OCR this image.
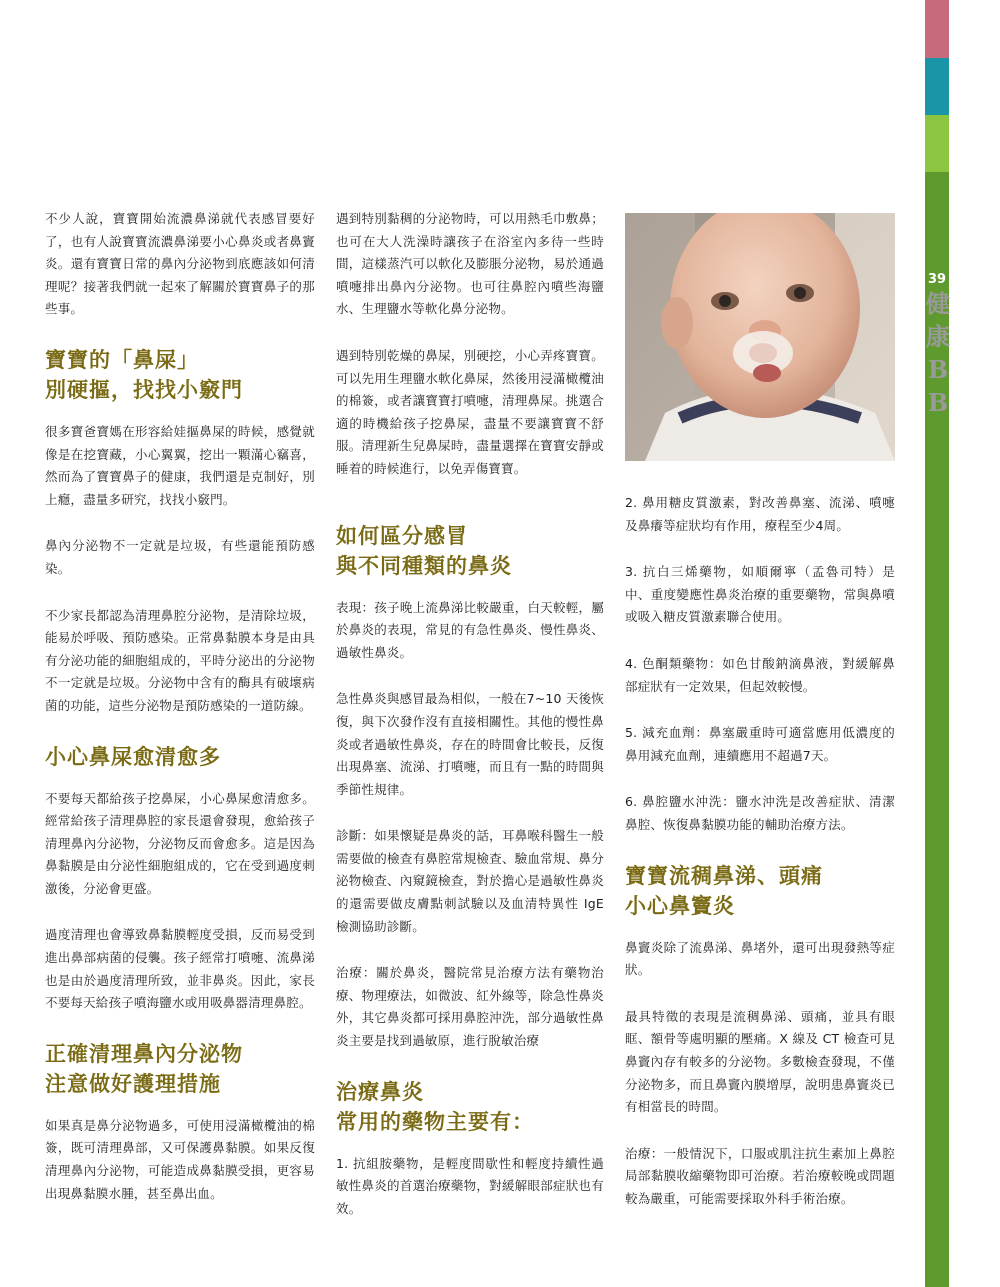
39
健
康
B
B

不少人說，寶寶開始流濃鼻涕就代表感冒要好了，也有人說寶寶流濃鼻涕要小心鼻炎或者鼻竇炎。還有寶寶日常的鼻內分泌物到底應該如何清理呢？接著我們就一起來了解關於寶寶鼻子的那些事。

寶寶的「鼻屎」
別硬摳，找找小竅門

很多寶爸寶媽在形容給娃摳鼻屎的時候，感覺就像是在挖寶藏，小心翼翼，挖出一顆滿心竊喜，然而為了寶寶鼻子的健康，我們還是克制好，別上癮，盡量多研究，找找小竅門。

鼻內分泌物不一定就是垃圾，有些還能預防感染。

不少家長都認為清理鼻腔分泌物，是清除垃圾，能易於呼吸、預防感染。正常鼻黏膜本身是由具有分泌功能的細胞組成的，平時分泌出的分泌物不一定就是垃圾。分泌物中含有的酶具有破壞病菌的功能，這些分泌物是預防感染的一道防線。

小心鼻屎愈清愈多

不要每天都給孩子挖鼻屎，小心鼻屎愈清愈多。經常給孩子清理鼻腔的家長還會發現，愈給孩子清理鼻內分泌物，分泌物反而會愈多。這是因為鼻黏膜是由分泌性細胞組成的，它在受到過度刺激後，分泌會更盛。

過度清理也會導致鼻黏膜輕度受損，反而易受到進出鼻部病菌的侵襲。孩子經常打噴嚏、流鼻涕也是由於過度清理所致，並非鼻炎。因此，家長不要每天給孩子噴海鹽水或用吸鼻器清理鼻腔。

正確清理鼻內分泌物
注意做好護理措施

如果真是鼻分泌物過多，可使用浸滿橄欖油的棉簽，既可清理鼻部，又可保護鼻黏膜。如果反復清理鼻內分泌物，可能造成鼻黏膜受損，更容易出現鼻黏膜水腫，甚至鼻出血。

遇到特別黏稠的分泌物時，可以用熱毛巾敷鼻；也可在大人洗澡時讓孩子在浴室內多待一些時間，這樣蒸汽可以軟化及膨脹分泌物，易於通過噴嚏排出鼻內分泌物。也可往鼻腔內噴些海鹽水、生理鹽水等軟化鼻分泌物。

遇到特別乾燥的鼻屎，別硬挖，小心弄疼寶寶。可以先用生理鹽水軟化鼻屎，然後用浸滿橄欖油的棉簽，或者讓寶寶打噴嚏，清理鼻屎。挑選合適的時機給孩子挖鼻屎，盡量不要讓寶寶不舒服。清理新生兒鼻屎時，盡量選擇在寶寶安靜或睡着的時候進行，以免弄傷寶寶。

如何區分感冒
與不同種類的鼻炎

表現：孩子晚上流鼻涕比較嚴重，白天較輕，屬於鼻炎的表現，常見的有急性鼻炎、慢性鼻炎、過敏性鼻炎。

急性鼻炎與感冒最為相似，一般在7~10 天後恢復，與下次發作沒有直接相關性。其他的慢性鼻炎或者過敏性鼻炎，存在的時間會比較長，反復出現鼻塞、流涕、打噴嚏，而且有一點的時間與季節性規律。

診斷：如果懷疑是鼻炎的話，耳鼻喉科醫生一般需要做的檢查有鼻腔常規檢查、驗血常規、鼻分泌物檢查、內窺鏡檢查，對於擔心是過敏性鼻炎的還需要做皮膚點刺試驗以及血清特異性 IgE 檢測協助診斷。

治療：關於鼻炎，醫院常見治療方法有藥物治療、物理療法，如微波、紅外線等，除急性鼻炎外，其它鼻炎都可採用鼻腔沖洗，部分過敏性鼻炎主要是找到過敏原，進行脫敏治療

治療鼻炎
常用的藥物主要有：

1. 抗組胺藥物，是輕度間歇性和輕度持續性過敏性鼻炎的首選治療藥物，對緩解眼部症狀也有效。

2. 鼻用糖皮質激素，對改善鼻塞、流涕、噴嚏及鼻癢等症狀均有作用，療程至少4周。

3. 抗白三烯藥物，如順爾寧（孟魯司特）是中、重度變應性鼻炎治療的重要藥物，常與鼻噴或吸入糖皮質激素聯合使用。

4. 色酮類藥物：如色甘酸鈉滴鼻液，對緩解鼻部症狀有一定效果，但起效較慢。

5. 減充血劑：鼻塞嚴重時可適當應用低濃度的鼻用減充血劑，連續應用不超過7天。

6. 鼻腔鹽水沖洗：鹽水沖洗是改善症狀、清潔鼻腔、恢復鼻黏膜功能的輔助治療方法。

寶寶流稠鼻涕、頭痛
小心鼻竇炎

鼻竇炎除了流鼻涕、鼻堵外，還可出現發熱等症狀。

最具特徵的表現是流稠鼻涕、頭痛，並具有眼眶、額骨等處明顯的壓痛。X 線及 CT 檢查可見鼻竇內存有較多的分泌物。多數檢查發現，不僅分泌物多，而且鼻竇內膜增厚，說明患鼻竇炎已有相當長的時間。

治療：一般情況下，口服或肌注抗生素加上鼻腔局部黏膜收縮藥物即可治療。若治療較晚或問題較為嚴重，可能需要採取外科手術治療。
